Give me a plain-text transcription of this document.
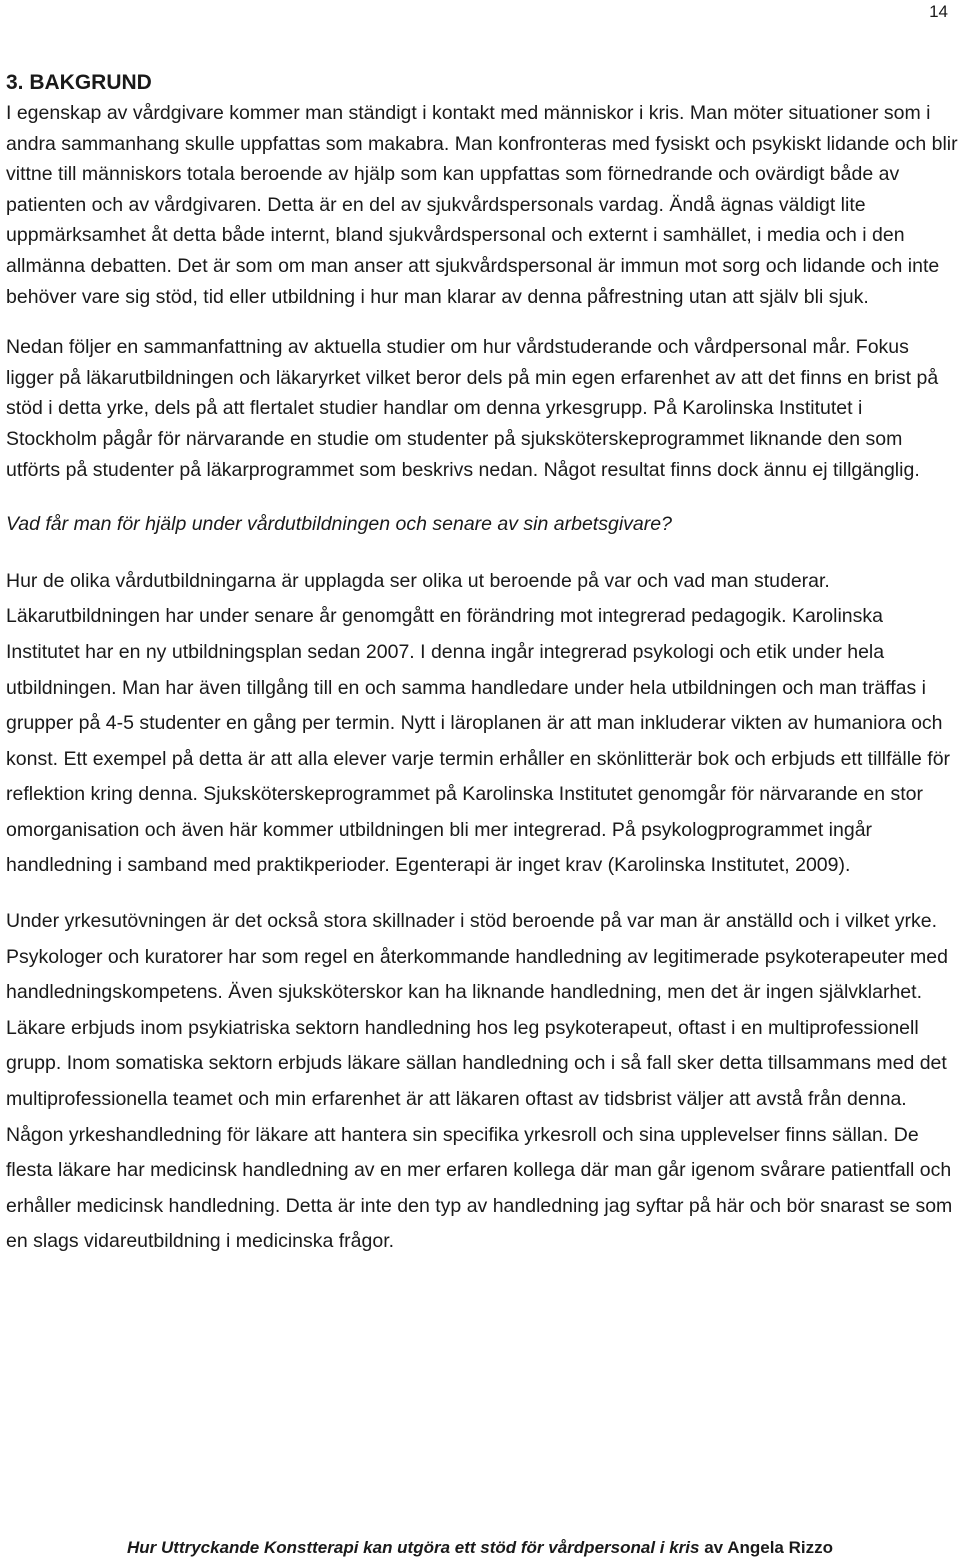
14

3. BAKGRUND

I egenskap av vårdgivare kommer man ständigt i kontakt med människor i kris. Man möter situationer som i andra sammanhang skulle uppfattas som makabra. Man konfronteras med fysiskt och psykiskt lidande och blir vittne till människors totala beroende av hjälp som kan uppfattas som förnedrande och ovärdigt både av patienten och av vårdgivaren. Detta är en del av sjukvårdspersonals vardag. Ändå ägnas väldigt lite uppmärksamhet åt detta både internt, bland sjukvårdspersonal och externt i samhället, i media och i den allmänna debatten. Det är som om man anser att sjukvårdspersonal är immun mot sorg och lidande och inte behöver vare sig stöd, tid eller utbildning i hur man klarar av denna påfrestning utan att själv bli sjuk.

Nedan följer en sammanfattning av aktuella studier om hur vårdstuderande och vårdpersonal mår. Fokus ligger på läkarutbildningen och läkaryrket vilket beror dels på min egen erfarenhet av att det finns en brist på stöd i detta yrke, dels på att flertalet studier handlar om denna yrkesgrupp. På Karolinska Institutet i Stockholm pågår för närvarande en studie om studenter på sjuksköterskeprogrammet liknande den som utförts på studenter på läkarprogrammet som beskrivs nedan. Något resultat finns dock ännu ej tillgänglig.

Vad får man för hjälp under vårdutbildningen och senare av sin arbetsgivare?

Hur de olika vårdutbildningarna är upplagda ser olika ut beroende på var och vad man studerar. Läkarutbildningen har under senare år genomgått en förändring mot integrerad pedagogik. Karolinska Institutet har en ny utbildningsplan sedan 2007. I denna ingår integrerad psykologi och etik under hela utbildningen. Man har även tillgång till en och samma handledare under hela utbildningen och man träffas i grupper på 4-5 studenter en gång per termin. Nytt i läroplanen är att man inkluderar vikten av humaniora och konst. Ett exempel på detta är att alla elever varje termin erhåller en skönlitterär bok och erbjuds ett tillfälle för reflektion kring denna. Sjuksköterskeprogrammet på Karolinska Institutet genomgår för närvarande en stor omorganisation och även här kommer utbildningen bli mer integrerad. På psykologprogrammet ingår handledning i samband med praktikperioder. Egenterapi är inget krav (Karolinska Institutet, 2009).

Under yrkesutövningen är det också stora skillnader i stöd beroende på var man är anställd och i vilket yrke. Psykologer och kuratorer har som regel en återkommande handledning av legitimerade psykoterapeuter med handledningskompetens. Även sjuksköterskor kan ha liknande handledning, men det är ingen självklarhet. Läkare erbjuds inom psykiatriska sektorn handledning hos leg psykoterapeut, oftast i en multiprofessionell grupp. Inom somatiska sektorn erbjuds läkare sällan handledning och i så fall sker detta tillsammans med det multiprofessionella teamet och min erfarenhet är att läkaren oftast av tidsbrist väljer att avstå från denna. Någon yrkeshandledning för läkare att hantera sin specifika yrkesroll och sina upplevelser finns sällan. De flesta läkare har medicinsk handledning av en mer erfaren kollega där man går igenom svårare patientfall och erhåller medicinsk handledning. Detta är inte den typ av handledning jag syftar på här och bör snarast se som en slags vidareutbildning i medicinska frågor.

Hur Uttryckande Konstterapi kan utgöra ett stöd för vårdpersonal i kris av Angela Rizzo
